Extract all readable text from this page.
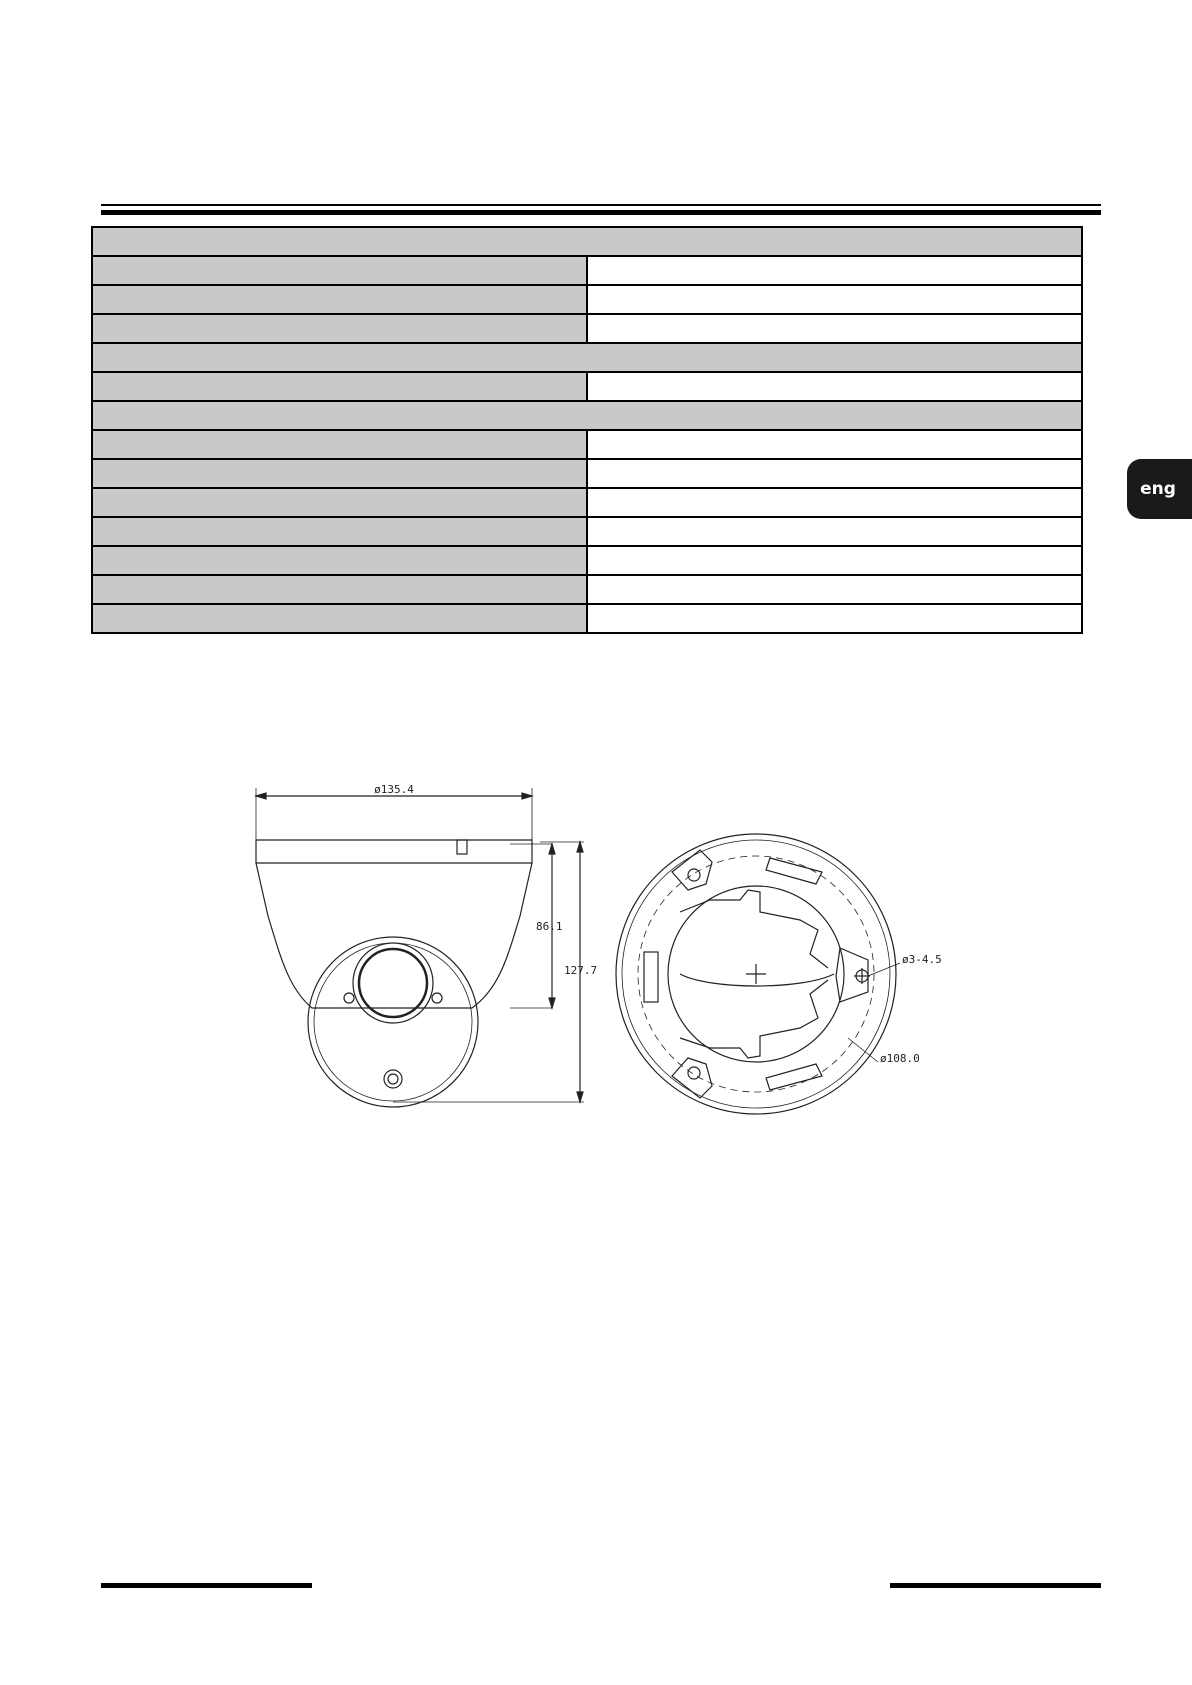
eng
ø135.4
86.1
127.7
ø3-4.5
ø108.0
